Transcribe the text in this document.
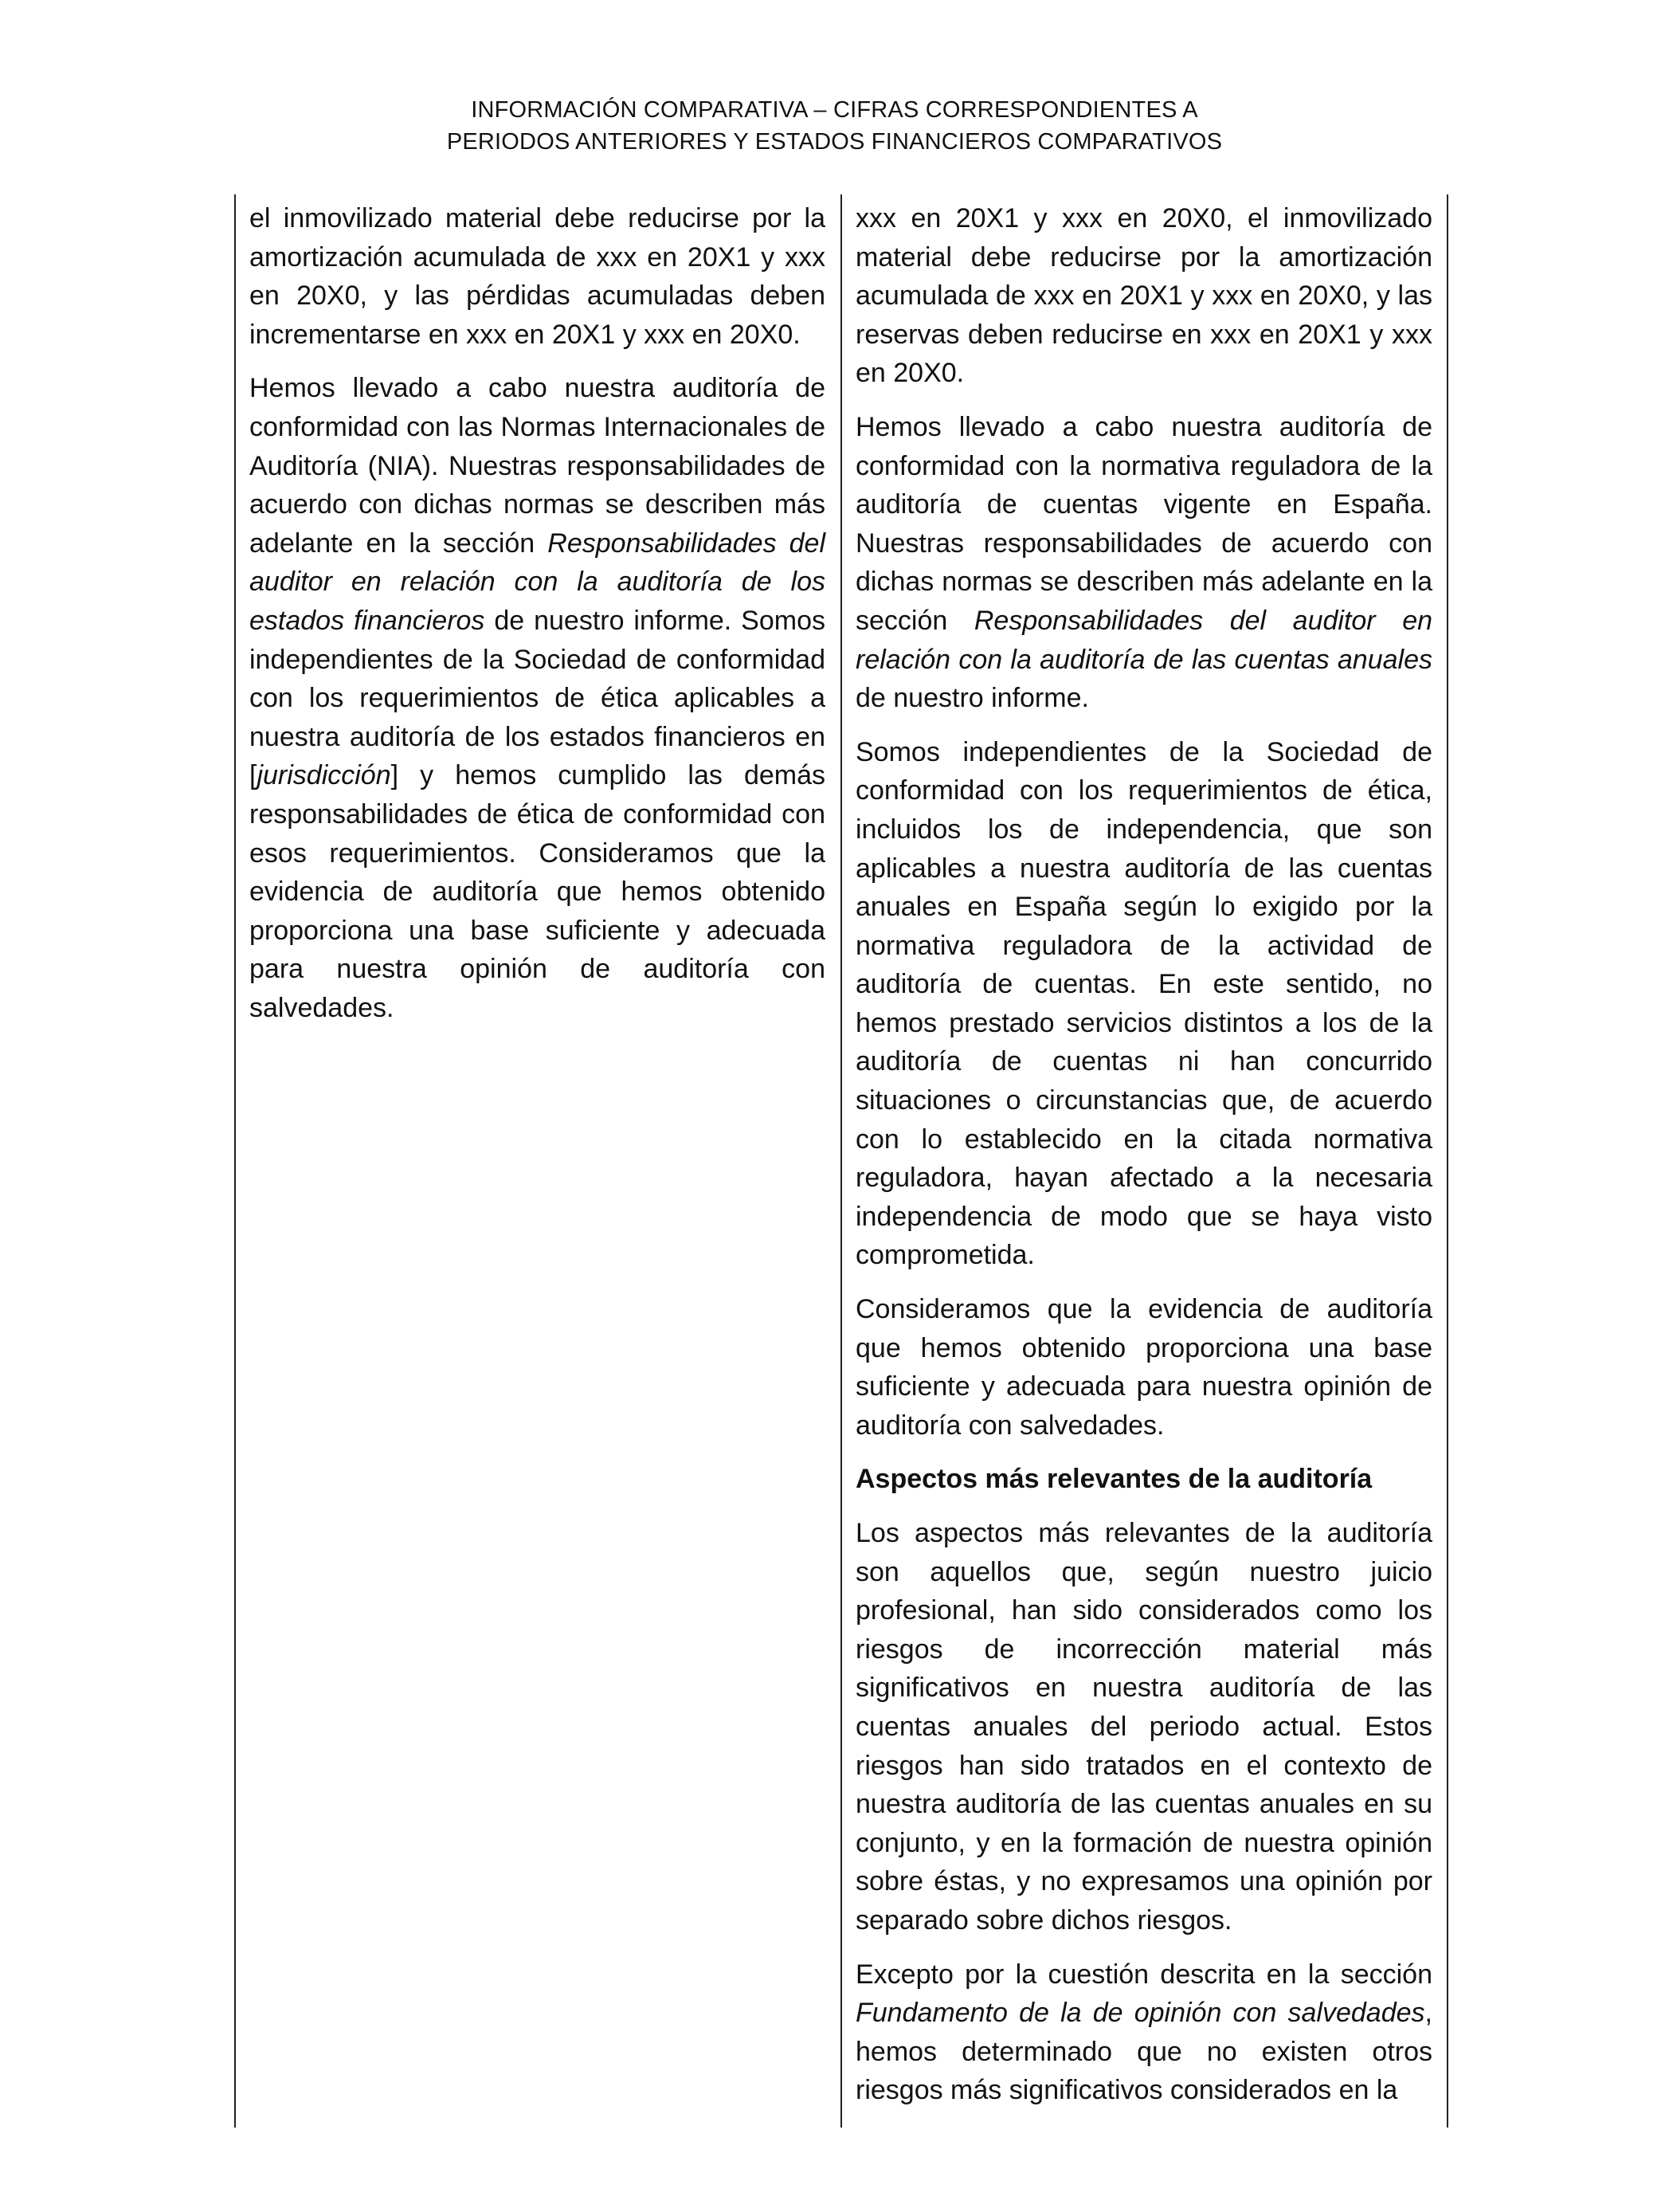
INFORMACIÓN COMPARATIVA – CIFRAS CORRESPONDIENTES A
PERIODOS ANTERIORES Y ESTADOS FINANCIEROS COMPARATIVOS

el inmovilizado material debe reducirse por la amortización acumulada de xxx en 20X1 y xxx en 20X0, y las pérdidas acumuladas deben incrementarse en xxx en 20X1 y xxx en 20X0.

Hemos llevado a cabo nuestra auditoría de conformidad con las Normas Internacionales de Auditoría (NIA). Nuestras responsabilidades de acuerdo con dichas normas se describen más adelante en la sección Responsabilidades del auditor en relación con la auditoría de los estados financieros de nuestro informe. Somos independientes de la Sociedad de conformidad con los requerimientos de ética aplicables a nuestra auditoría de los estados financieros en [jurisdicción] y hemos cumplido las demás responsabilidades de ética de conformidad con esos requerimientos. Consideramos que la evidencia de auditoría que hemos obtenido proporciona una base suficiente y adecuada para nuestra opinión de auditoría con salvedades.

xxx en 20X1 y xxx en 20X0, el inmovilizado material debe reducirse por la amortización acumulada de xxx en 20X1 y xxx en 20X0, y las reservas deben reducirse en xxx en 20X1 y xxx en 20X0.

Hemos llevado a cabo nuestra auditoría de conformidad con la normativa reguladora de la auditoría de cuentas vigente en España. Nuestras responsabilidades de acuerdo con dichas normas se describen más adelante en la sección Responsabilidades del auditor en relación con la auditoría de las cuentas anuales de nuestro informe.

Somos independientes de la Sociedad de conformidad con los requerimientos de ética, incluidos los de independencia, que son aplicables a nuestra auditoría de las cuentas anuales en España según lo exigido por la normativa reguladora de la actividad de auditoría de cuentas. En este sentido, no hemos prestado servicios distintos a los de la auditoría de cuentas ni han concurrido situaciones o circunstancias que, de acuerdo con lo establecido en la citada normativa reguladora, hayan afectado a la necesaria independencia de modo que se haya visto comprometida.

Consideramos que la evidencia de auditoría que hemos obtenido proporciona una base suficiente y adecuada para nuestra opinión de auditoría con salvedades.

Aspectos más relevantes de la auditoría

Los aspectos más relevantes de la auditoría son aquellos que, según nuestro juicio profesional, han sido considerados como los riesgos de incorrección material más significativos en nuestra auditoría de las cuentas anuales del periodo actual. Estos riesgos han sido tratados en el contexto de nuestra auditoría de las cuentas anuales en su conjunto, y en la formación de nuestra opinión sobre éstas, y no expresamos una opinión por separado sobre dichos riesgos.

Excepto por la cuestión descrita en la sección Fundamento de la de opinión con salvedades, hemos determinado que no existen otros riesgos más significativos considerados en la
